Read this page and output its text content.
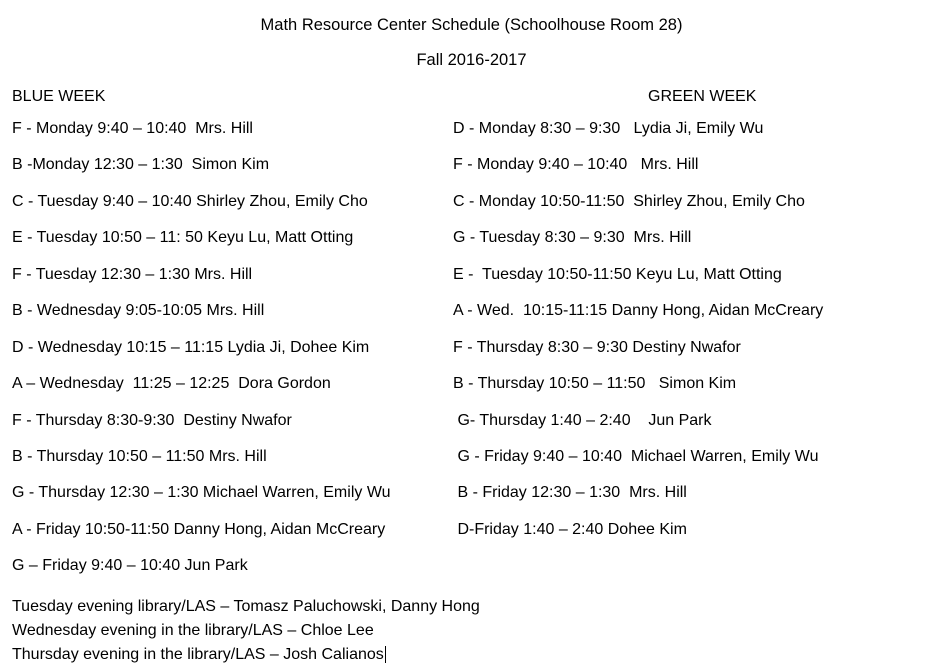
Math Resource Center Schedule (Schoolhouse Room 28)
Fall 2016-2017
BLUE WEEK	GREEN WEEK
F - Monday 9:40 – 10:40  Mrs. Hill
B -Monday 12:30 – 1:30  Simon Kim
C - Tuesday 9:40 – 10:40 Shirley Zhou, Emily Cho
E - Tuesday 10:50 – 11: 50 Keyu Lu, Matt Otting
F - Tuesday 12:30 – 1:30 Mrs. Hill
B - Wednesday 9:05-10:05 Mrs. Hill
D - Wednesday 10:15 – 11:15 Lydia Ji, Dohee Kim
A – Wednesday  11:25 – 12:25  Dora Gordon
F - Thursday 8:30-9:30  Destiny Nwafor
B - Thursday 10:50 – 11:50 Mrs. Hill
G - Thursday 12:30 – 1:30 Michael Warren, Emily Wu
A - Friday 10:50-11:50 Danny Hong, Aidan McCreary
G – Friday 9:40 – 10:40 Jun Park
D - Monday 8:30 – 9:30   Lydia Ji, Emily Wu
F - Monday 9:40 – 10:40   Mrs. Hill
C - Monday 10:50-11:50  Shirley Zhou, Emily Cho
G - Tuesday 8:30 – 9:30  Mrs. Hill
E -  Tuesday 10:50-11:50 Keyu Lu, Matt Otting
A - Wed.  10:15-11:15 Danny Hong, Aidan McCreary
F - Thursday 8:30 – 9:30 Destiny Nwafor
B - Thursday 10:50 – 11:50   Simon Kim
G- Thursday 1:40 – 2:40    Jun Park
G - Friday 9:40 – 10:40  Michael Warren, Emily Wu
B - Friday 12:30 – 1:30  Mrs. Hill
D-Friday 1:40 – 2:40 Dohee Kim
Tuesday evening library/LAS – Tomasz Paluchowski, Danny Hong
Wednesday evening in the library/LAS – Chloe Lee
Thursday evening in the library/LAS – Josh Calianos
